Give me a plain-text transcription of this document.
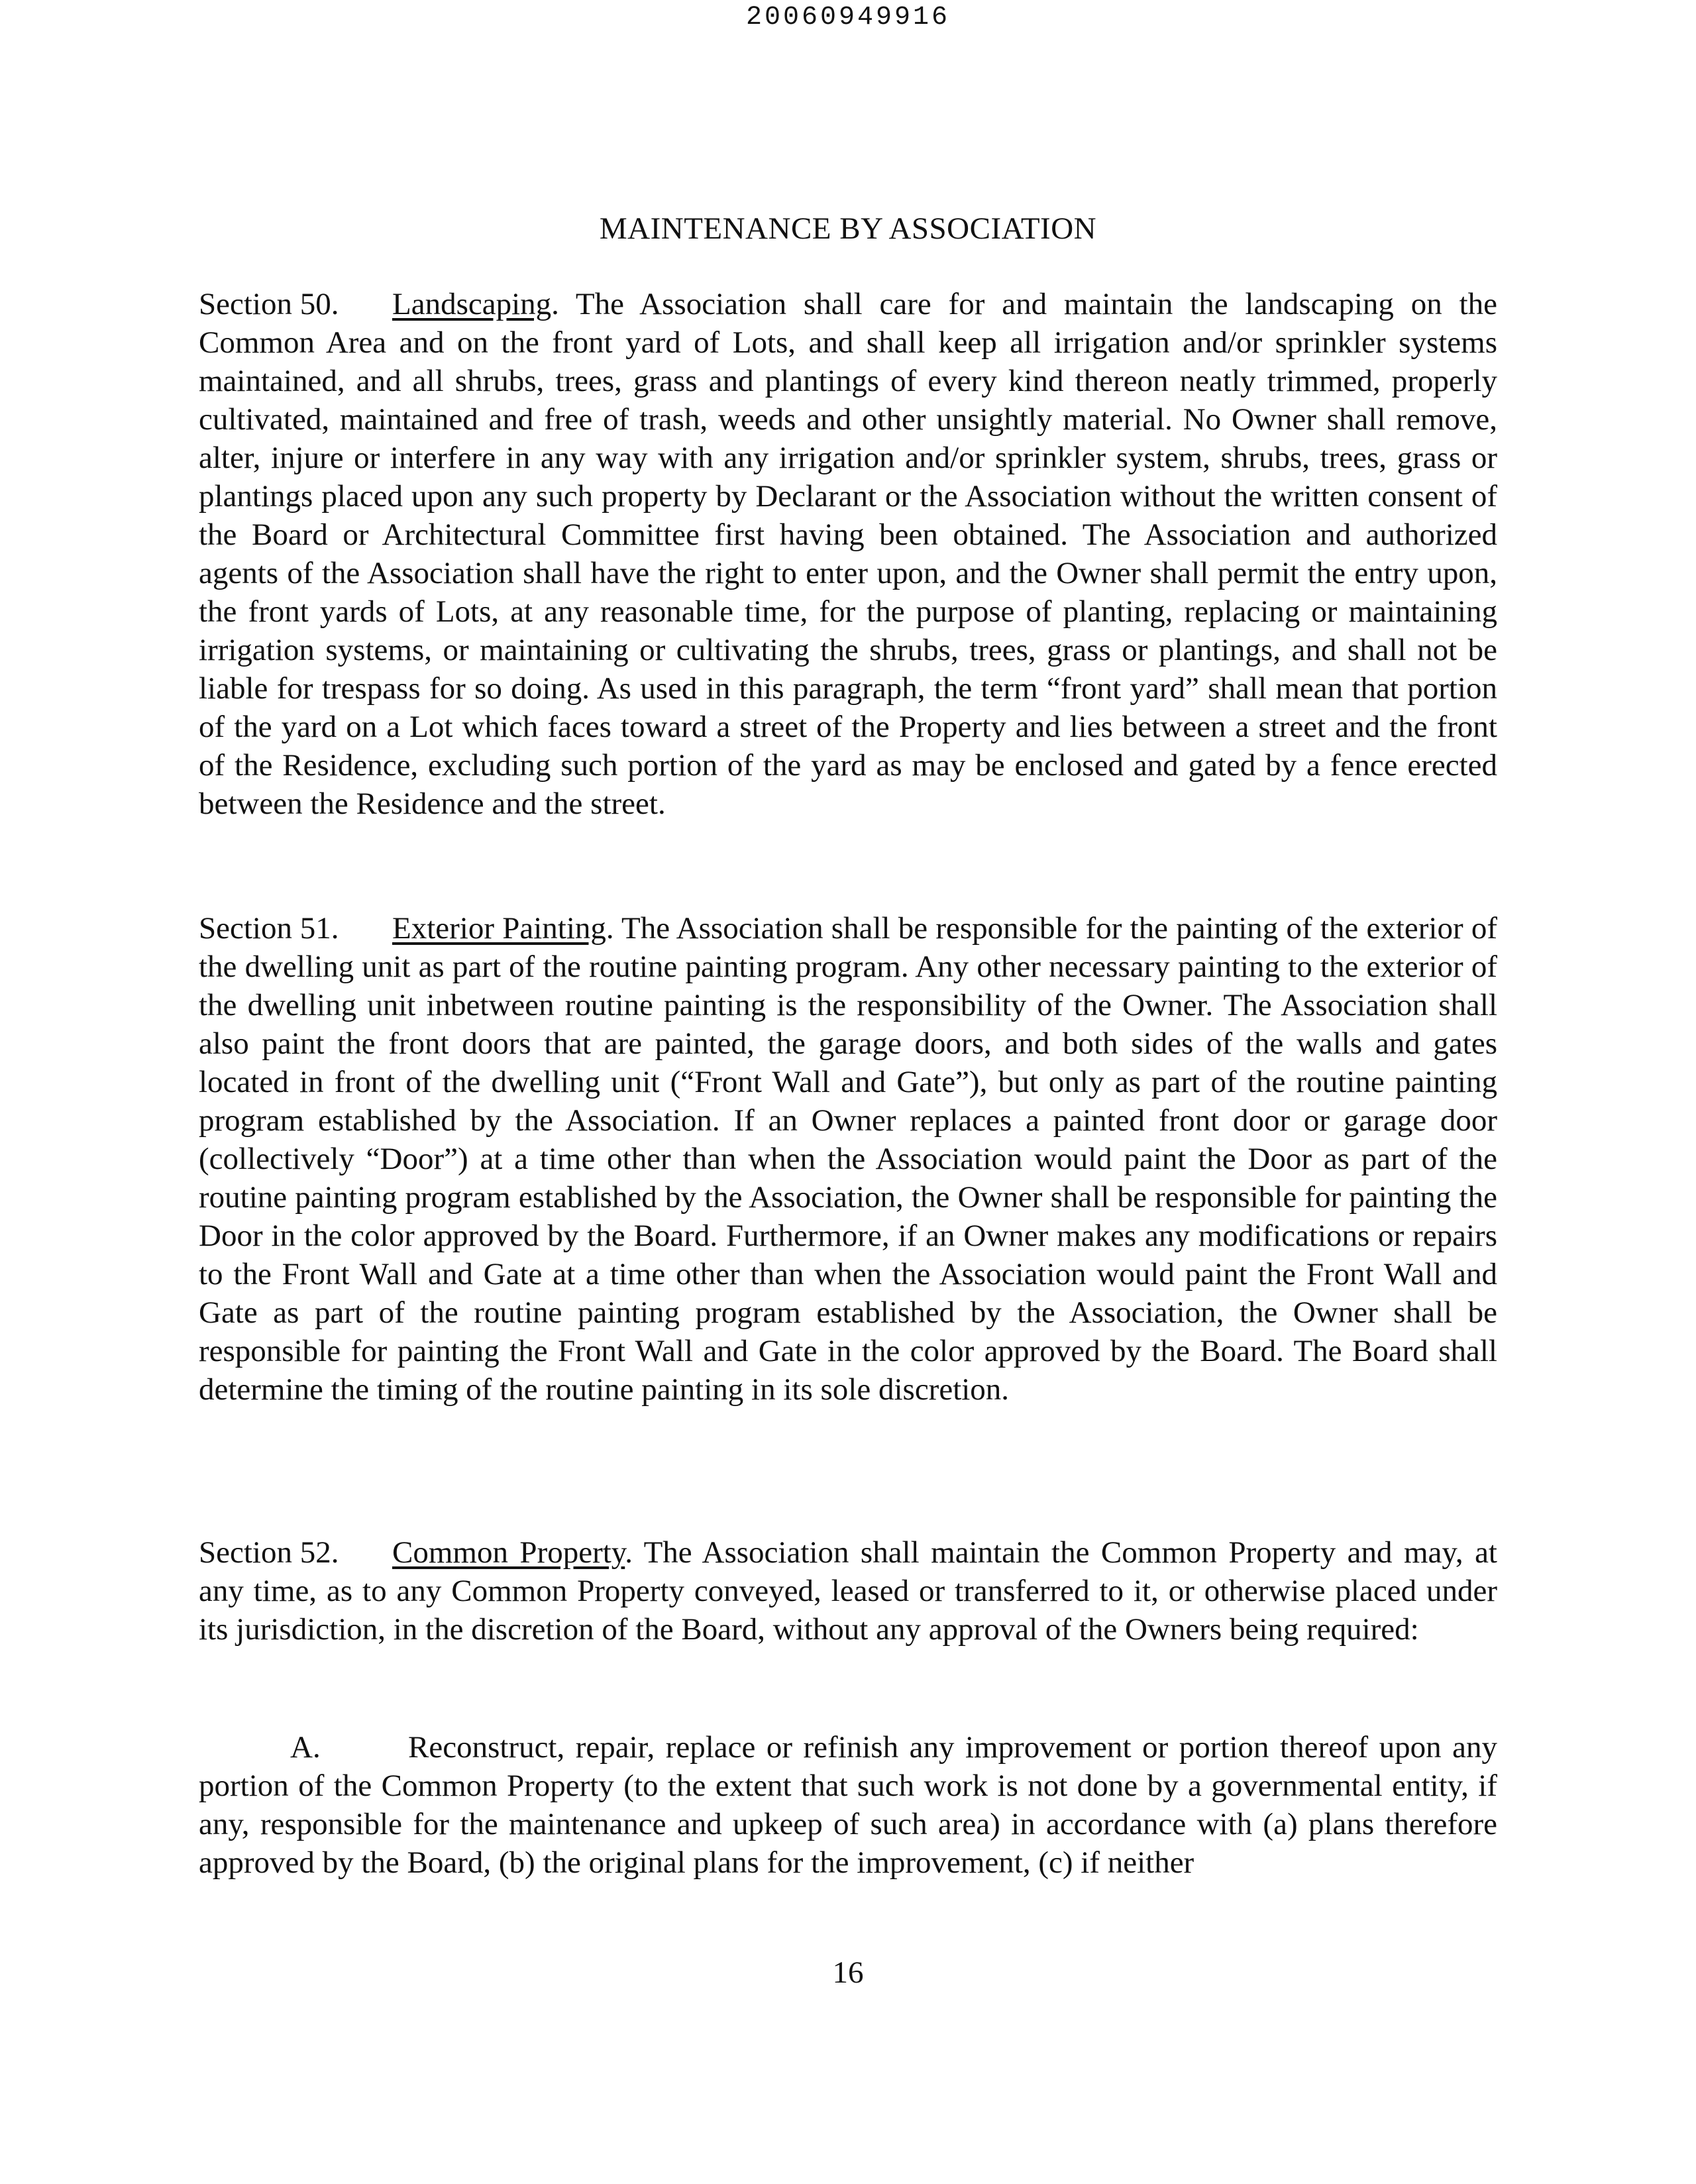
20060949916
MAINTENANCE BY ASSOCIATION

Section 50. Landscaping. The Association shall care for and maintain the landscaping on the Common Area and on the front yard of Lots, and shall keep all irrigation and/or sprinkler systems maintained, and all shrubs, trees, grass and plantings of every kind thereon neatly trimmed, properly cultivated, maintained and free of trash, weeds and other unsightly material. No Owner shall remove, alter, injure or interfere in any way with any irrigation and/or sprinkler system, shrubs, trees, grass or plantings placed upon any such property by Declarant or the Association without the written consent of the Board or Architectural Committee first having been obtained. The Association and authorized agents of the Association shall have the right to enter upon, and the Owner shall permit the entry upon, the front yards of Lots, at any reasonable time, for the purpose of planting, replacing or maintaining irrigation systems, or maintaining or cultivating the shrubs, trees, grass or plantings, and shall not be liable for trespass for so doing. As used in this paragraph, the term “front yard” shall mean that portion of the yard on a Lot which faces toward a street of the Property and lies between a street and the front of the Residence, excluding such portion of the yard as may be enclosed and gated by a fence erected between the Residence and the street.

Section 51. Exterior Painting. The Association shall be responsible for the painting of the exterior of the dwelling unit as part of the routine painting program. Any other necessary painting to the exterior of the dwelling unit inbetween routine painting is the responsibility of the Owner. The Association shall also paint the front doors that are painted, the garage doors, and both sides of the walls and gates located in front of the dwelling unit (“Front Wall and Gate”), but only as part of the routine painting program established by the Association. If an Owner replaces a painted front door or garage door (collectively “Door”) at a time other than when the Association would paint the Door as part of the routine painting program established by the Association, the Owner shall be responsible for painting the Door in the color approved by the Board. Furthermore, if an Owner makes any modifications or repairs to the Front Wall and Gate at a time other than when the Association would paint the Front Wall and Gate as part of the routine painting program established by the Association, the Owner shall be responsible for painting the Front Wall and Gate in the color approved by the Board. The Board shall determine the timing of the routine painting in its sole discretion.

Section 52. Common Property. The Association shall maintain the Common Property and may, at any time, as to any Common Property conveyed, leased or transferred to it, or otherwise placed under its jurisdiction, in the discretion of the Board, without any approval of the Owners being required:

A.	Reconstruct, repair, replace or refinish any improvement or portion thereof upon any portion of the Common Property (to the extent that such work is not done by a governmental entity, if any, responsible for the maintenance and upkeep of such area) in accordance with (a) plans therefore approved by the Board, (b) the original plans for the improvement, (c) if neither

16
